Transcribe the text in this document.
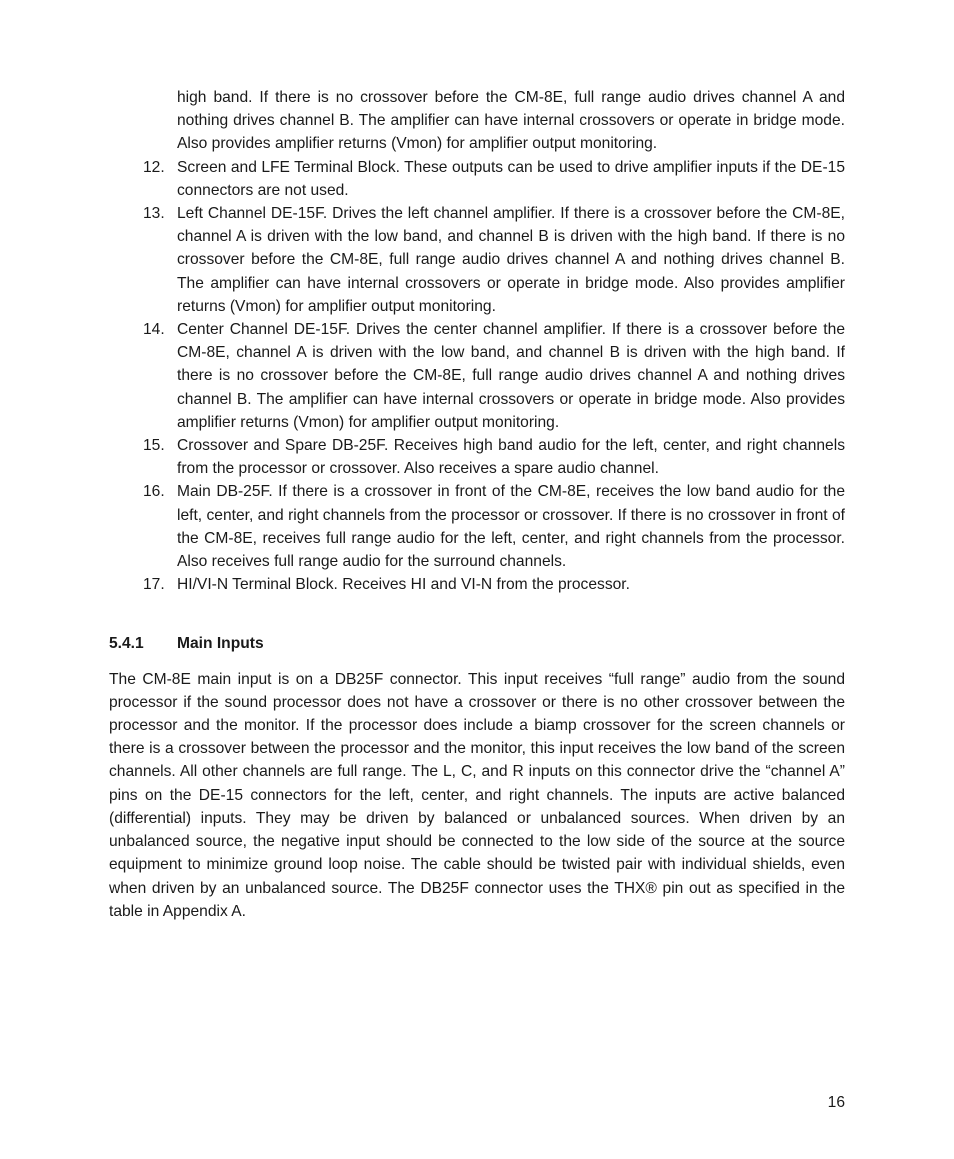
high band. If there is no crossover before the CM-8E, full range audio drives channel A and nothing drives channel B. The amplifier can have internal crossovers or operate in bridge mode. Also provides amplifier returns (Vmon) for amplifier output monitoring.

12. Screen and LFE Terminal Block. These outputs can be used to drive amplifier inputs if the DE-15 connectors are not used.
13. Left Channel DE-15F. Drives the left channel amplifier. If there is a crossover before the CM-8E, channel A is driven with the low band, and channel B is driven with the high band. If there is no crossover before the CM-8E, full range audio drives channel A and nothing drives channel B. The amplifier can have internal crossovers or operate in bridge mode. Also provides amplifier returns (Vmon) for amplifier output monitoring.
14. Center Channel DE-15F. Drives the center channel amplifier. If there is a crossover before the CM-8E, channel A is driven with the low band, and channel B is driven with the high band. If there is no crossover before the CM-8E, full range audio drives channel A and nothing drives channel B. The amplifier can have internal crossovers or operate in bridge mode. Also provides amplifier returns (Vmon) for amplifier output monitoring.
15. Crossover and Spare DB-25F. Receives high band audio for the left, center, and right channels from the processor or crossover. Also receives a spare audio channel.
16. Main DB-25F. If there is a crossover in front of the CM-8E, receives the low band audio for the left, center, and right channels from the processor or crossover. If there is no crossover in front of the CM-8E, receives full range audio for the left, center, and right channels from the processor. Also receives full range audio for the surround channels.
17. HI/VI-N Terminal Block. Receives HI and VI-N from the processor.
5.4.1	Main Inputs

The CM-8E main input is on a DB25F connector. This input receives “full range” audio from the sound processor if the sound processor does not have a crossover or there is no other crossover between the processor and the monitor. If the processor does include a biamp crossover for the screen channels or there is a crossover between the processor and the monitor, this input receives the low band of the screen channels. All other channels are full range. The L, C, and R inputs on this connector drive the “channel A” pins on the DE-15 connectors for the left, center, and right channels. The inputs are active balanced (differential) inputs. They may be driven by balanced or unbalanced sources. When driven by an unbalanced source, the negative input should be connected to the low side of the source at the source equipment to minimize ground loop noise. The cable should be twisted pair with individual shields, even when driven by an unbalanced source. The DB25F connector uses the THX® pin out as specified in the table in Appendix A.

16
